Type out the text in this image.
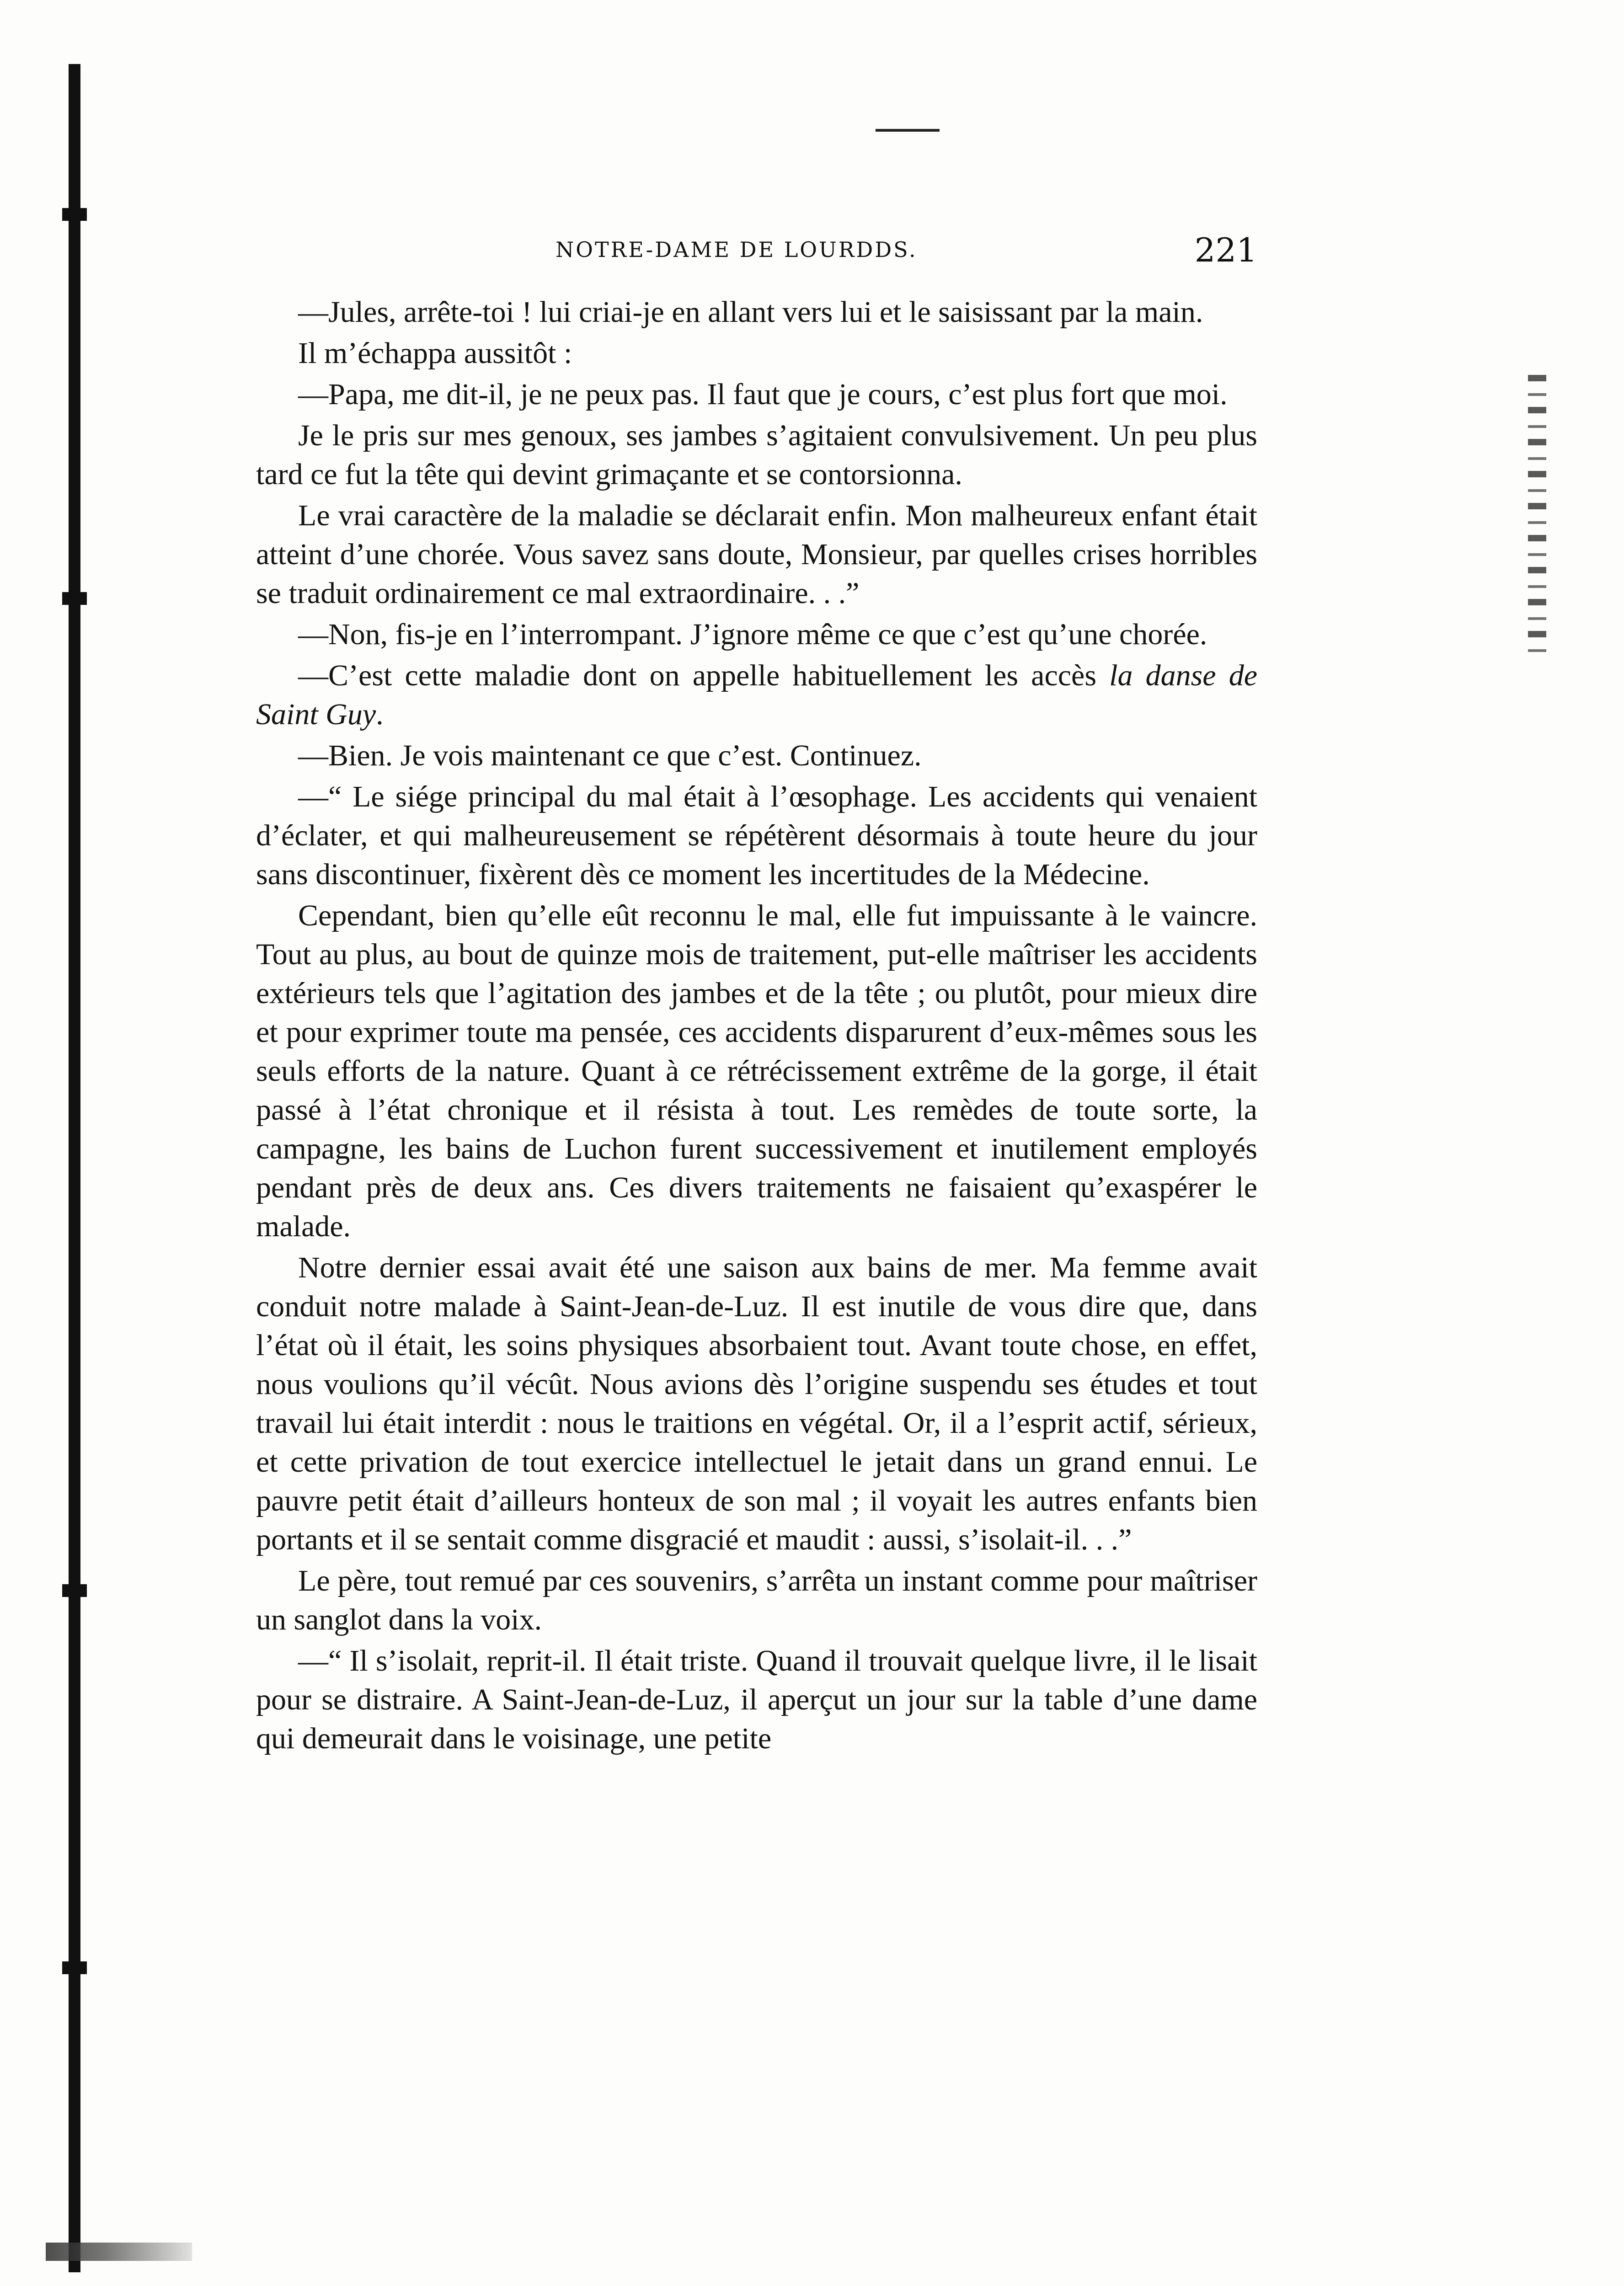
NOTRE-DAME DE LOURDDS.	221

—Jules, arrête-toi ! lui criai-je en allant vers lui et le saisissant par la main.

Il m’échappa aussitôt :

—Papa, me dit-il, je ne peux pas. Il faut que je cours, c’est plus fort que moi.

Je le pris sur mes genoux, ses jambes s’agitaient convulsivement. Un peu plus tard ce fut la tête qui devint grimaçante et se contorsionna.

Le vrai caractère de la maladie se déclarait enfin. Mon malheureux enfant était atteint d’une chorée. Vous savez sans doute, Monsieur, par quelles crises horribles se traduit ordinairement ce mal extraordinaire. . .”

—Non, fis-je en l’interrompant. J’ignore même ce que c’est qu’une chorée.

—C’est cette maladie dont on appelle habituellement les accès la danse de Saint Guy.

—Bien. Je vois maintenant ce que c’est. Continuez.

—“ Le siége principal du mal était à l’œsophage. Les accidents qui venaient d’éclater, et qui malheureusement se répétèrent désormais à toute heure du jour sans discontinuer, fixèrent dès ce moment les incertitudes de la Médecine.

Cependant, bien qu’elle eût reconnu le mal, elle fut impuissante à le vaincre. Tout au plus, au bout de quinze mois de traitement, put-elle maîtriser les accidents extérieurs tels que l’agitation des jambes et de la tête ; ou plutôt, pour mieux dire et pour exprimer toute ma pensée, ces accidents disparurent d’eux-mêmes sous les seuls efforts de la nature. Quant à ce rétrécissement extrême de la gorge, il était passé à l’état chronique et il résista à tout. Les remèdes de toute sorte, la campagne, les bains de Luchon furent successivement et inutilement employés pendant près de deux ans. Ces divers traitements ne faisaient qu’exaspérer le malade.

Notre dernier essai avait été une saison aux bains de mer. Ma femme avait conduit notre malade à Saint-Jean-de-Luz. Il est inutile de vous dire que, dans l’état où il était, les soins physiques absorbaient tout. Avant toute chose, en effet, nous voulions qu’il vécût. Nous avions dès l’origine suspendu ses études et tout travail lui était interdit : nous le traitions en végétal. Or, il a l’esprit actif, sérieux, et cette privation de tout exercice intellectuel le jetait dans un grand ennui. Le pauvre petit était d’ailleurs honteux de son mal ; il voyait les autres enfants bien portants et il se sentait comme disgracié et maudit : aussi, s’isolait-il. . .”

Le père, tout remué par ces souvenirs, s’arrêta un instant comme pour maîtriser un sanglot dans la voix.

—“ Il s’isolait, reprit-il. Il était triste. Quand il trouvait quelque livre, il le lisait pour se distraire. A Saint-Jean-de-Luz, il aperçut un jour sur la table d’une dame qui demeurait dans le voisinage, une petite
